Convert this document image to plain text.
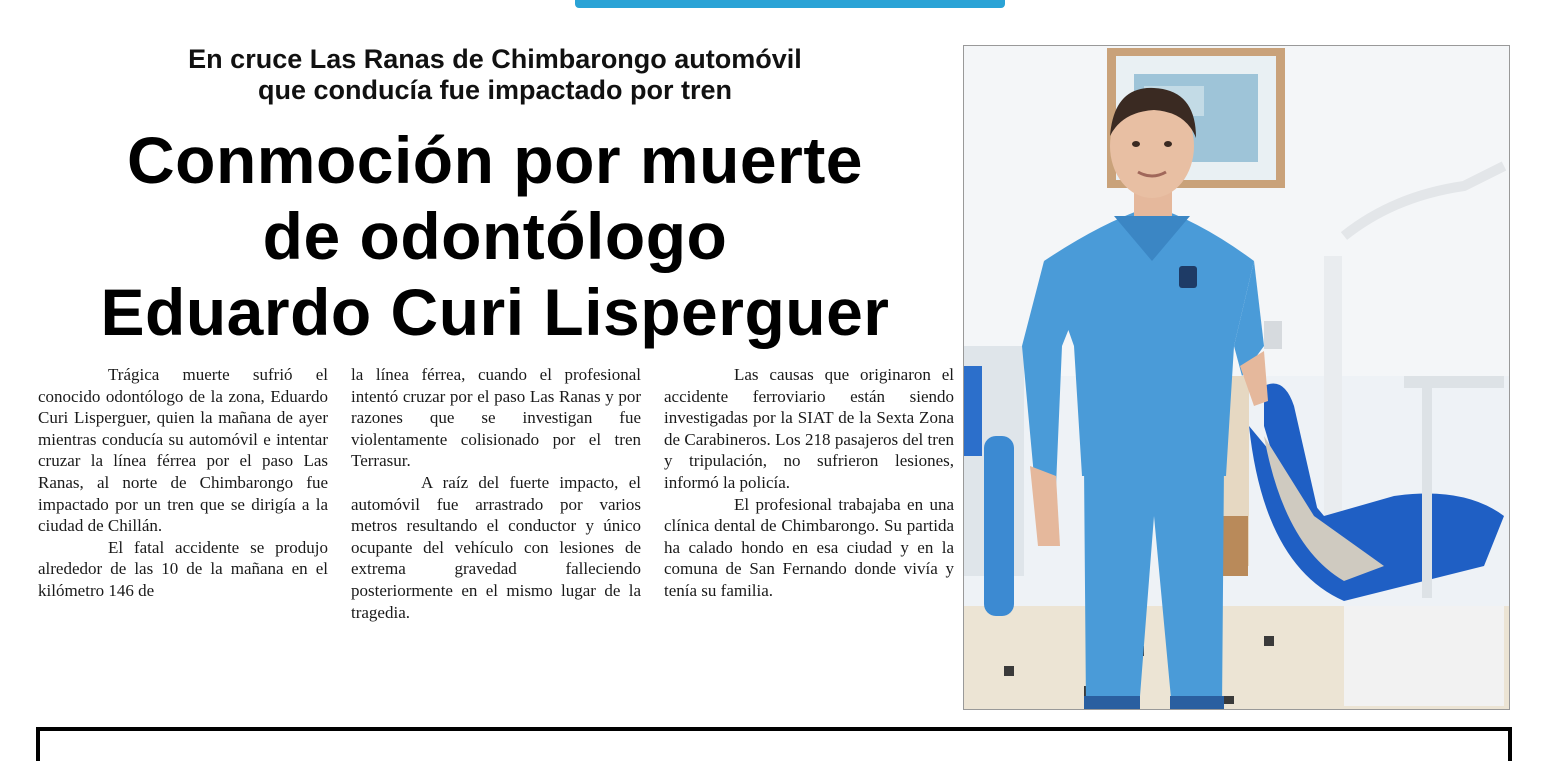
En cruce Las Ranas de Chimbarongo automóvil
que conducía fue impactado por tren
Conmoción por muerte
de odontólogo
Eduardo Curi Lisperguer

Trágica muerte sufrió el conocido odontólogo de la zona, Eduardo Curi Lisperguer, quien la mañana de ayer mientras conducía su automóvil e intentar cruzar la línea férrea por el paso Las Ranas, al norte de Chimbarongo fue impactado por un tren que se dirigía a la ciudad de Chillán.

El fatal accidente se produjo alrededor de las 10 de la mañana en el kilómetro 146 de

la línea férrea, cuando el profesional intentó cruzar por el paso Las Ranas y por razones que se investigan fue violentamente colisionado por el tren Terrasur.

A raíz del fuerte impacto, el automóvil fue arrastrado por varios metros resultando el conductor y único ocupante del vehículo con lesiones de extrema gravedad falleciendo posteriormente en el mismo lugar de la tragedia.

Las causas que originaron el accidente ferroviario están siendo investigadas por la SIAT de la Sexta Zona de Carabineros. Los 218 pasajeros del tren y tripulación, no sufrieron lesiones, informó la policía.

El profesional trabajaba en una clínica dental de Chimbarongo. Su partida ha calado hondo en esa ciudad y en la comuna de San Fernando donde vivía y tenía su familia.
